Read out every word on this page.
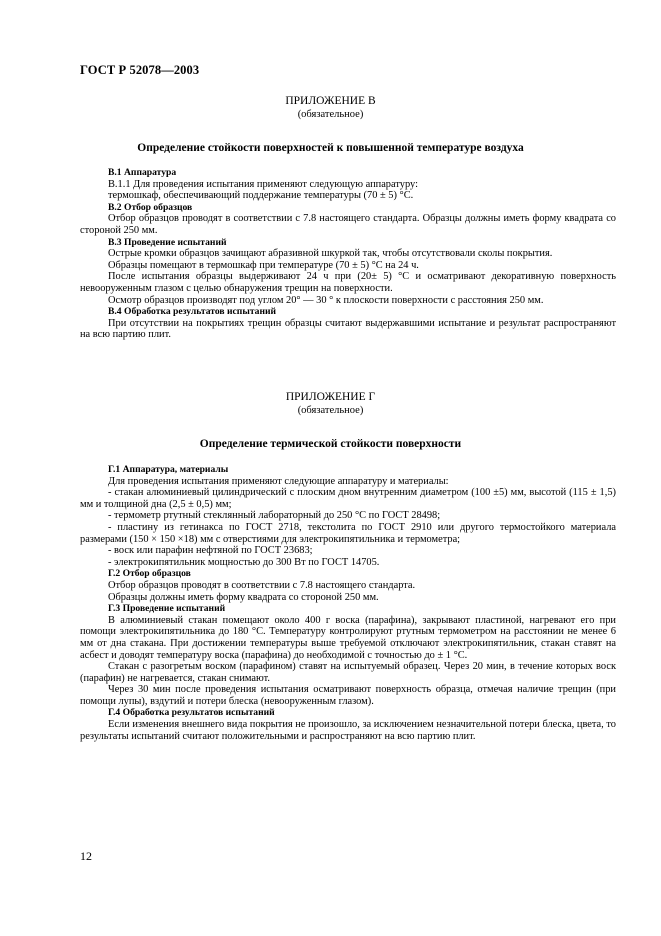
ГОСТ Р 52078—2003
ПРИЛОЖЕНИЕ В
(обязательное)
Определение стойкости поверхностей к повышенной температуре воздуха

В.1 Аппаратура

В.1.1 Для проведения испытания применяют следующую аппаратуру:

термошкаф, обеспечивающий поддержание температуры (70 ± 5) °С.

В.2 Отбор образцов

Отбор образцов проводят в соответствии с 7.8 настоящего стандарта. Образцы должны иметь форму квадрата со стороной 250 мм.

В.3 Проведение испытаний

Острые кромки образцов зачищают абразивной шкуркой так, чтобы отсутствовали сколы покрытия.

Образцы помещают в термошкаф при температуре (70 ± 5) °С на 24 ч.

После испытания образцы выдерживают 24 ч при (20± 5) °С и осматривают декоративную поверхность невооруженным глазом с целью обнаружения трещин на поверхности.

Осмотр образцов производят под углом 20° — 30 ° к плоскости поверхности с расстояния 250 мм.

В.4 Обработка результатов испытаний

При отсутствии на покрытиях трещин образцы считают выдержавшими испытание и результат распространяют на всю партию плит.

ПРИЛОЖЕНИЕ Г
(обязательное)
Определение термической стойкости поверхности

Г.1 Аппаратура, материалы

Для проведения испытания применяют следующие аппаратуру и материалы:

- стакан алюминиевый цилиндрический с плоским дном внутренним диаметром (100 ±5) мм, высотой (115 ± 1,5) мм и толщиной дна (2,5 ± 0,5) мм;

- термометр ртутный стеклянный лабораторный до 250 °С по ГОСТ 28498;

- пластину из гетинакса по ГОСТ 2718, текстолита по ГОСТ 2910 или другого термостойкого материала размерами (150 × 150 ×18) мм с отверстиями для электрокипятильника и термометра;

- воск или парафин нефтяной по ГОСТ 23683;

- электрокипятильник мощностью до 300 Вт по ГОСТ 14705.

Г.2 Отбор образцов

Отбор образцов проводят в соответствии с 7.8 настоящего стандарта.

Образцы должны иметь форму квадрата со стороной 250 мм.

Г.3 Проведение испытаний

В алюминиевый стакан помещают около 400 г воска (парафина), закрывают пластиной, нагревают его при помощи электрокипятильника до 180 °С. Температуру контролируют ртутным термометром на расстоянии не менее 6 мм от дна стакана. При достижении температуры выше требуемой отключают электрокипятильник, стакан ставят на асбест и доводят температуру воска (парафина) до необходимой с точностью до ± 1 °С.

Стакан с разогретым воском (парафином) ставят на испытуемый образец. Через 20 мин, в течение которых воск (парафин) не нагревается, стакан снимают.

Через 30 мин после проведения испытания осматривают поверхность образца, отмечая наличие трещин (при помощи лупы), вздутий и потери блеска (невооруженным глазом).

Г.4 Обработка результатов испытаний

Если изменения внешнего вида покрытия не произошло, за исключением незначительной потери блеска, цвета, то результаты испытаний считают положительными и распространяют на всю партию плит.

12
